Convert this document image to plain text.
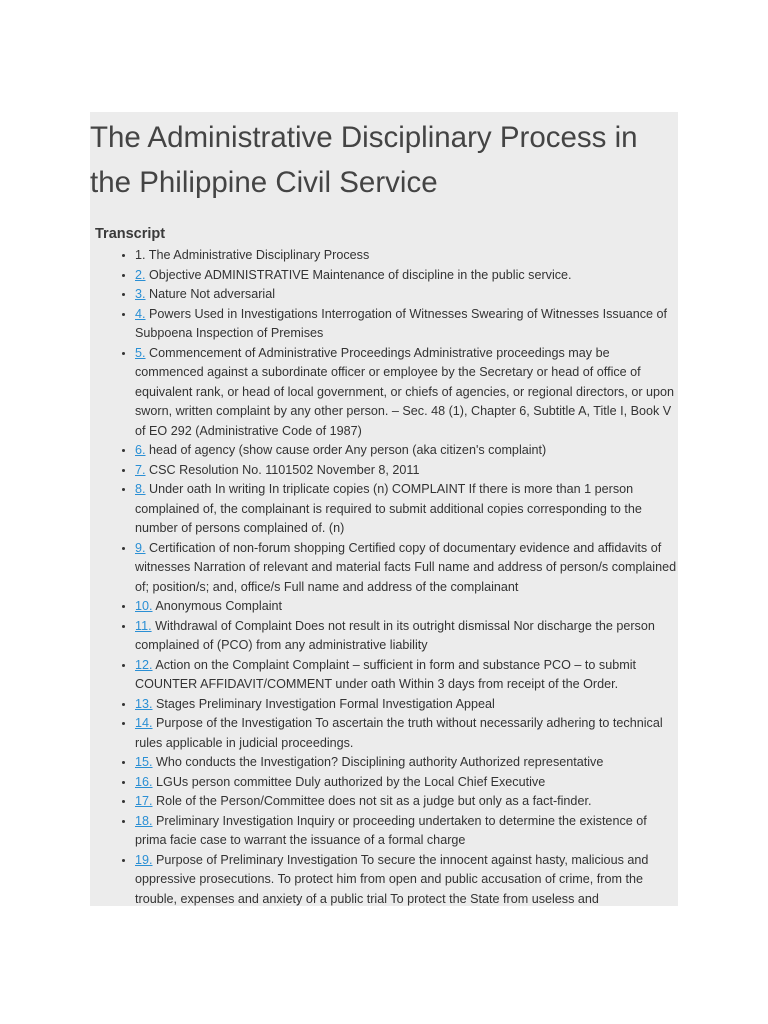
The Administrative Disciplinary Process in the Philippine Civil Service
Transcript
• 1. The Administrative Disciplinary Process
• 2. Objective ADMINISTRATIVE Maintenance of discipline in the public service.
• 3. Nature Not adversarial
• 4. Powers Used in Investigations Interrogation of Witnesses Swearing of Witnesses Issuance of Subpoena Inspection of Premises
• 5. Commencement of Administrative Proceedings Administrative proceedings may be commenced against a subordinate officer or employee by the Secretary or head of office of equivalent rank, or head of local government, or chiefs of agencies, or regional directors, or upon sworn, written complaint by any other person. – Sec. 48 (1), Chapter 6, Subtitle A, Title I, Book V of EO 292 (Administrative Code of 1987)
• 6. head of agency (show cause order Any person (aka citizen's complaint)
• 7. CSC Resolution No. 1101502 November 8, 2011
• 8. Under oath In writing In triplicate copies (n) COMPLAINT If there is more than 1 person complained of, the complainant is required to submit additional copies corresponding to the number of persons complained of. (n)
• 9. Certification of non-forum shopping Certified copy of documentary evidence and affidavits of witnesses Narration of relevant and material facts Full name and address of person/s complained of; position/s; and, office/s Full name and address of the complainant
• 10. Anonymous Complaint
• 11. Withdrawal of Complaint Does not result in its outright dismissal Nor discharge the person complained of (PCO) from any administrative liability
• 12. Action on the Complaint Complaint – sufficient in form and substance PCO – to submit COUNTER AFFIDAVIT/COMMENT under oath Within 3 days from receipt of the Order.
• 13. Stages Preliminary Investigation Formal Investigation Appeal
• 14. Purpose of the Investigation To ascertain the truth without necessarily adhering to technical rules applicable in judicial proceedings.
• 15. Who conducts the Investigation? Disciplining authority Authorized representative
• 16. LGUs person committee Duly authorized by the Local Chief Executive
• 17. Role of the Person/Committee does not sit as a judge but only as a fact-finder.
• 18. Preliminary Investigation Inquiry or proceeding undertaken to determine the existence of prima facie case to warrant the issuance of a formal charge
• 19. Purpose of Preliminary Investigation To secure the innocent against hasty, malicious and oppressive prosecutions. To protect him from open and public accusation of crime, from the trouble, expenses and anxiety of a public trial To protect the State from useless and
